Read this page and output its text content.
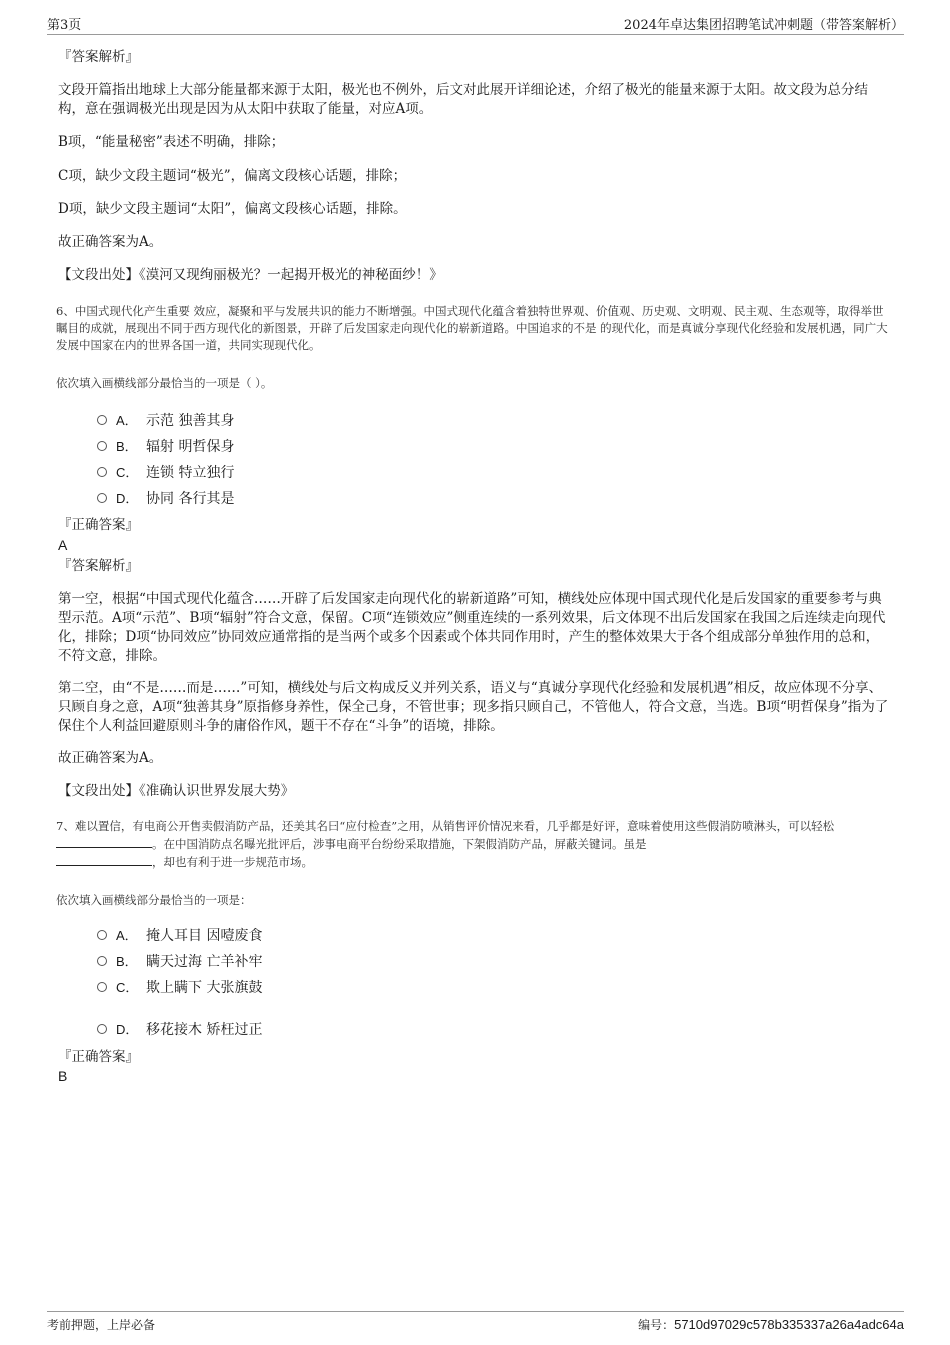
第3页	2024年卓达集团招聘笔试冲刺题（带答案解析）
『答案解析』
文段开篇指出地球上大部分能量都来源于太阳，极光也不例外，后文对此展开详细论述，介绍了极光的能量来源于太阳。故文段为总分结构，意在强调极光出现是因为从太阳中获取了能量，对应A项。
B项，“能量秘密”表述不明确，排除；
C项，缺少文段主题词“极光”，偏离文段核心话题，排除；
D项，缺少文段主题词“太阳”，偏离文段核心话题，排除。
故正确答案为A。
【文段出处】《漠河又现绚丽极光？一起揭开极光的神秘面纱！》
6、中国式现代化产生重要 效应，凝聚和平与发展共识的能力不断增强。中国式现代化蕴含着独特世界观、价值观、历史观、文明观、民主观、生态观等，取得举世瞩目的成就，展现出不同于西方现代化的新图景，开辟了后发国家走向现代化的崭新道路。中国追求的不是 的现代化，而是真诚分享现代化经验和发展机遇，同广大发展中国家在内的世界各国一道，共同实现现代化。
依次填入画横线部分最恰当的一项是（ ）。
A． 示范 独善其身
B． 辐射 明哲保身
C． 连锁 特立独行
D． 协同 各行其是
『正确答案』
A
『答案解析』
第一空，根据“中国式现代化蕴含……开辟了后发国家走向现代化的崭新道路”可知，横线处应体现中国式现代化是后发国家的重要参考与典型示范。A项“示范”、B项“辐射”符合文意，保留。C项“连锁效应”侧重连续的一系列效果，后文体现不出后发国家在我国之后连续走向现代化，排除；D项“协同效应”协同效应通常指的是当两个或多个因素或个体共同作用时，产生的整体效果大于各个组成部分单独作用的总和，不符文意，排除。
第二空，由“不是……而是……”可知，横线处与后文构成反义并列关系，语义与“真诚分享现代化经验和发展机遇”相反，故应体现不分享、只顾自身之意，A项“独善其身”原指修身养性，保全己身，不管世事；现多指只顾自己，不管他人，符合文意，当选。B项“明哲保身”指为了保住个人利益回避原则斗争的庸俗作风，题干不存在“斗争”的语境，排除。
故正确答案为A。
【文段出处】《准确认识世界发展大势》
7、难以置信，有电商公开售卖假消防产品，还美其名曰“应付检查”之用，从销售评价情况来看，几乎都是好评，意味着使用这些假消防喷淋头，可以轻松 。在中国消防点名曝光批评后，涉事电商平台纷纷采取措施，下架假消防产品，屏蔽关键词。虽是
，却也有利于进一步规范市场。
依次填入画横线部分最恰当的一项是：
A． 掩人耳目 因噎废食
B． 瞒天过海 亡羊补牢
C． 欺上瞒下 大张旗鼓
D． 移花接木 矫枉过正
『正确答案』
B
考前押题，上岸必备	编号：5710d97029c578b335337a26a4adc64a
